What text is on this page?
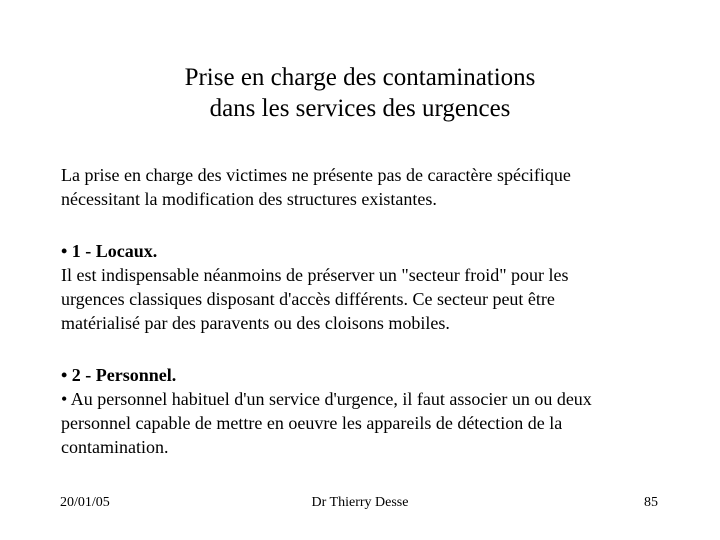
Prise en charge des contaminations
dans les services des urgences

La prise en charge des victimes ne présente pas de caractère spécifique
nécessitant la modification des structures existantes.

• 1 - Locaux.
Il est indispensable néanmoins de préserver un "secteur froid" pour les
urgences classiques disposant d'accès différents. Ce secteur peut être
matérialisé par des paravents ou des cloisons mobiles.
• 2 - Personnel.
• Au personnel habituel d'un service d'urgence, il faut associer un ou deux
personnel capable de mettre en oeuvre les appareils de détection de la
contamination.
20/01/05	Dr Thierry Desse	85
